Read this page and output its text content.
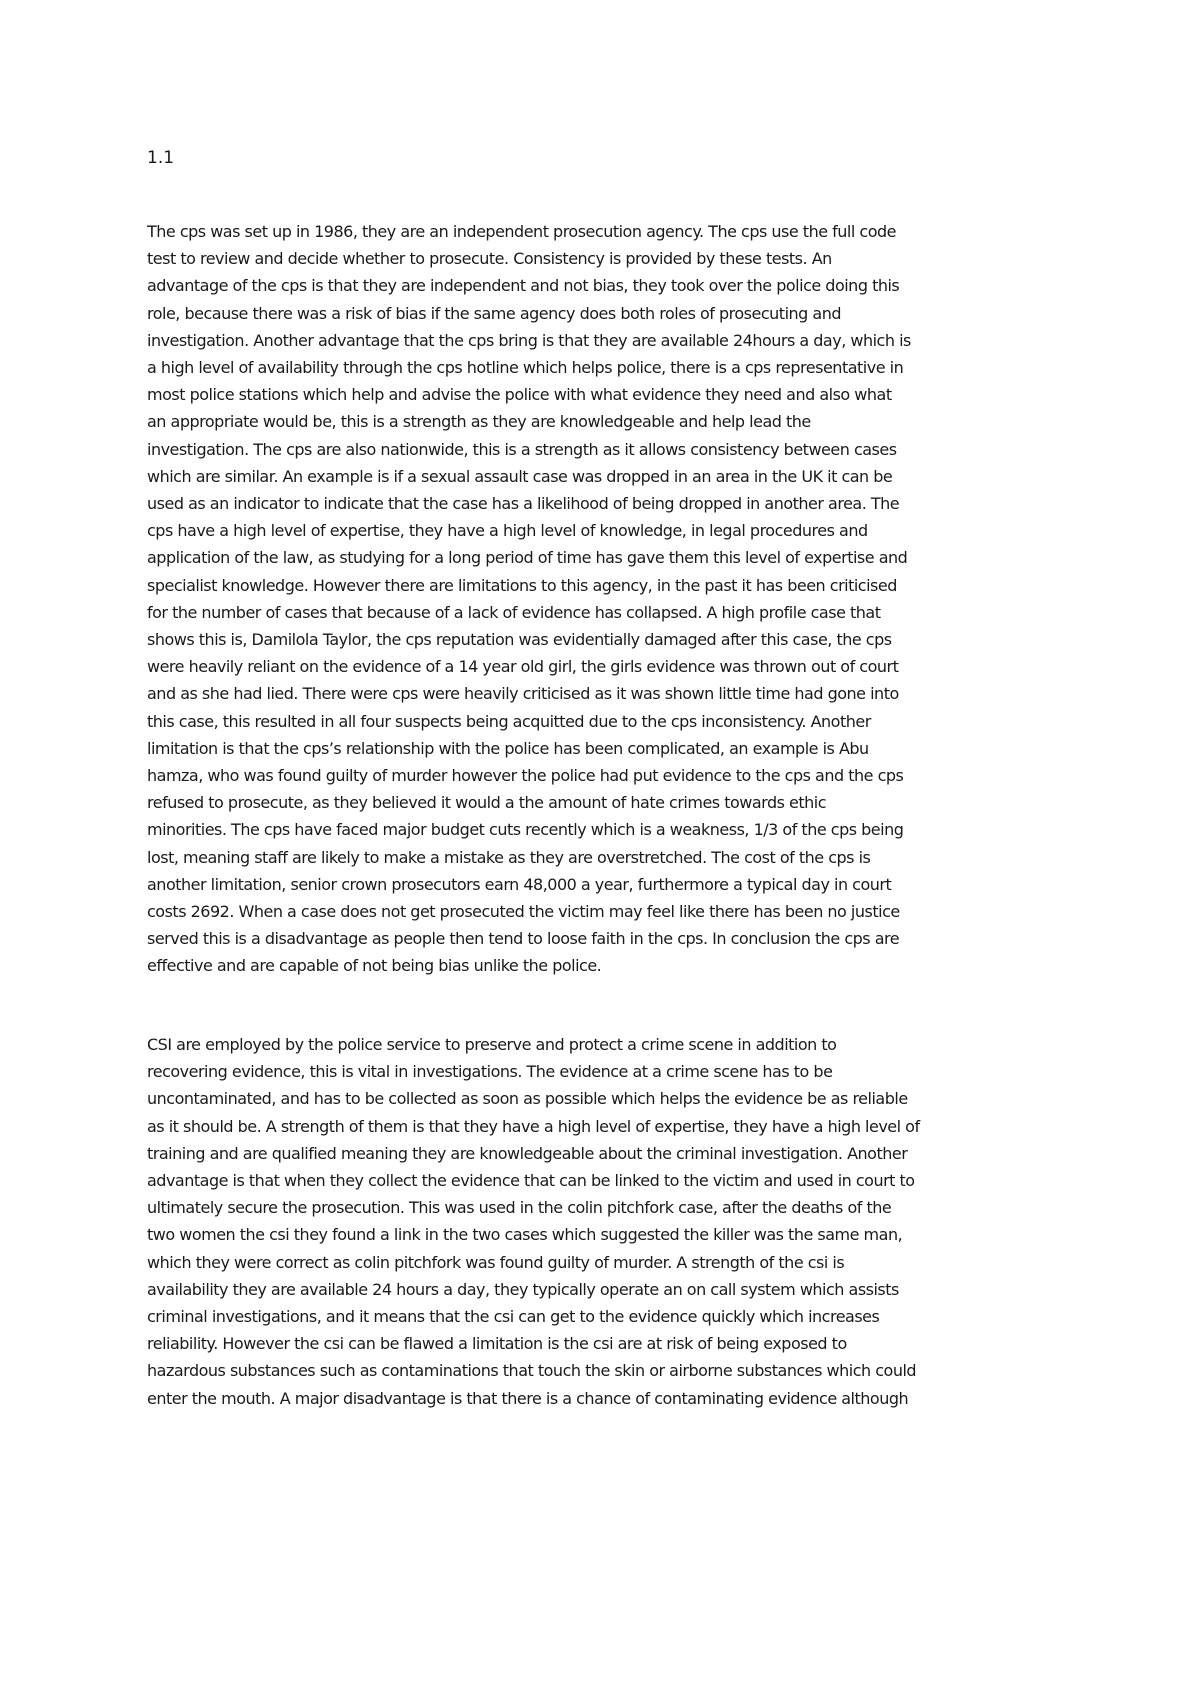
1.1

The cps was set up in 1986, they are an independent prosecution agency. The cps use the full code

test to review and decide whether to prosecute. Consistency is provided by these tests. An

advantage of the cps is that they are independent and not bias, they took over the police doing this

role, because there was a risk of bias if the same agency does both roles of prosecuting and

investigation. Another advantage that the cps bring is that they are available 24hours a day, which is

a high level of availability through the cps hotline which helps police, there is a cps representative in

most police stations which help and advise the police with what evidence they need and also what

an appropriate would be, this is a strength as they are knowledgeable and help lead the

investigation. The cps are also nationwide, this is a strength as it allows consistency between cases

which are similar. An example is if a sexual assault case was dropped in an area in the UK it can be

used as an indicator to indicate that the case has a likelihood of being dropped in another area. The

cps have a high level of expertise, they have a high level of knowledge, in legal procedures and

application of the law, as studying for a long period of time has gave them this level of expertise and

specialist knowledge. However there are limitations to this agency, in the past it has been criticised

for the number of cases that because of a lack of evidence has collapsed. A high profile case that

shows this is, Damilola Taylor, the cps reputation was evidentially damaged after this case, the cps

were heavily reliant on the evidence of a 14 year old girl, the girls evidence was thrown out of court

and as she had lied. There were cps were heavily criticised as it was shown little time had gone into

this case, this resulted in all four suspects being acquitted due to the cps inconsistency. Another

limitation is that the cps’s relationship with the police has been complicated, an example is Abu

hamza, who was found guilty of murder however the police had put evidence to the cps and the cps

refused to prosecute, as they believed it would a the amount of hate crimes towards ethic

minorities. The cps have faced major budget cuts recently which is a weakness, 1/3 of the cps being

lost, meaning staff are likely to make a mistake as they are overstretched. The cost of the cps is

another limitation, senior crown prosecutors earn 48,000 a year, furthermore a typical day in court

costs 2692. When a case does not get prosecuted the victim may feel like there has been no justice

served this is a disadvantage as people then tend to loose faith in the cps. In conclusion the cps are

effective and are capable of not being bias unlike the police.

CSI are employed by the police service to preserve and protect a crime scene in addition to

recovering evidence, this is vital in investigations. The evidence at a crime scene has to be

uncontaminated, and has to be collected as soon as possible which helps the evidence be as reliable

as it should be. A strength of them is that they have a high level of expertise, they have a high level of

training and are qualified meaning they are knowledgeable about the criminal investigation. Another

advantage is that when they collect the evidence that can be linked to the victim and used in court to

ultimately secure the prosecution. This was used in the colin pitchfork case, after the deaths of the

two women the csi they found a link in the two cases which suggested the killer was the same man,

which they were correct as colin pitchfork was found guilty of murder. A strength of the csi is

availability they are available 24 hours a day, they typically operate an on call system which assists

criminal investigations, and it means that the csi can get to the evidence quickly which increases

reliability. However the csi can be flawed a limitation is the csi are at risk of being exposed to

hazardous substances such as contaminations that touch the skin or airborne substances which could

enter the mouth. A major disadvantage is that there is a chance of contaminating evidence although
